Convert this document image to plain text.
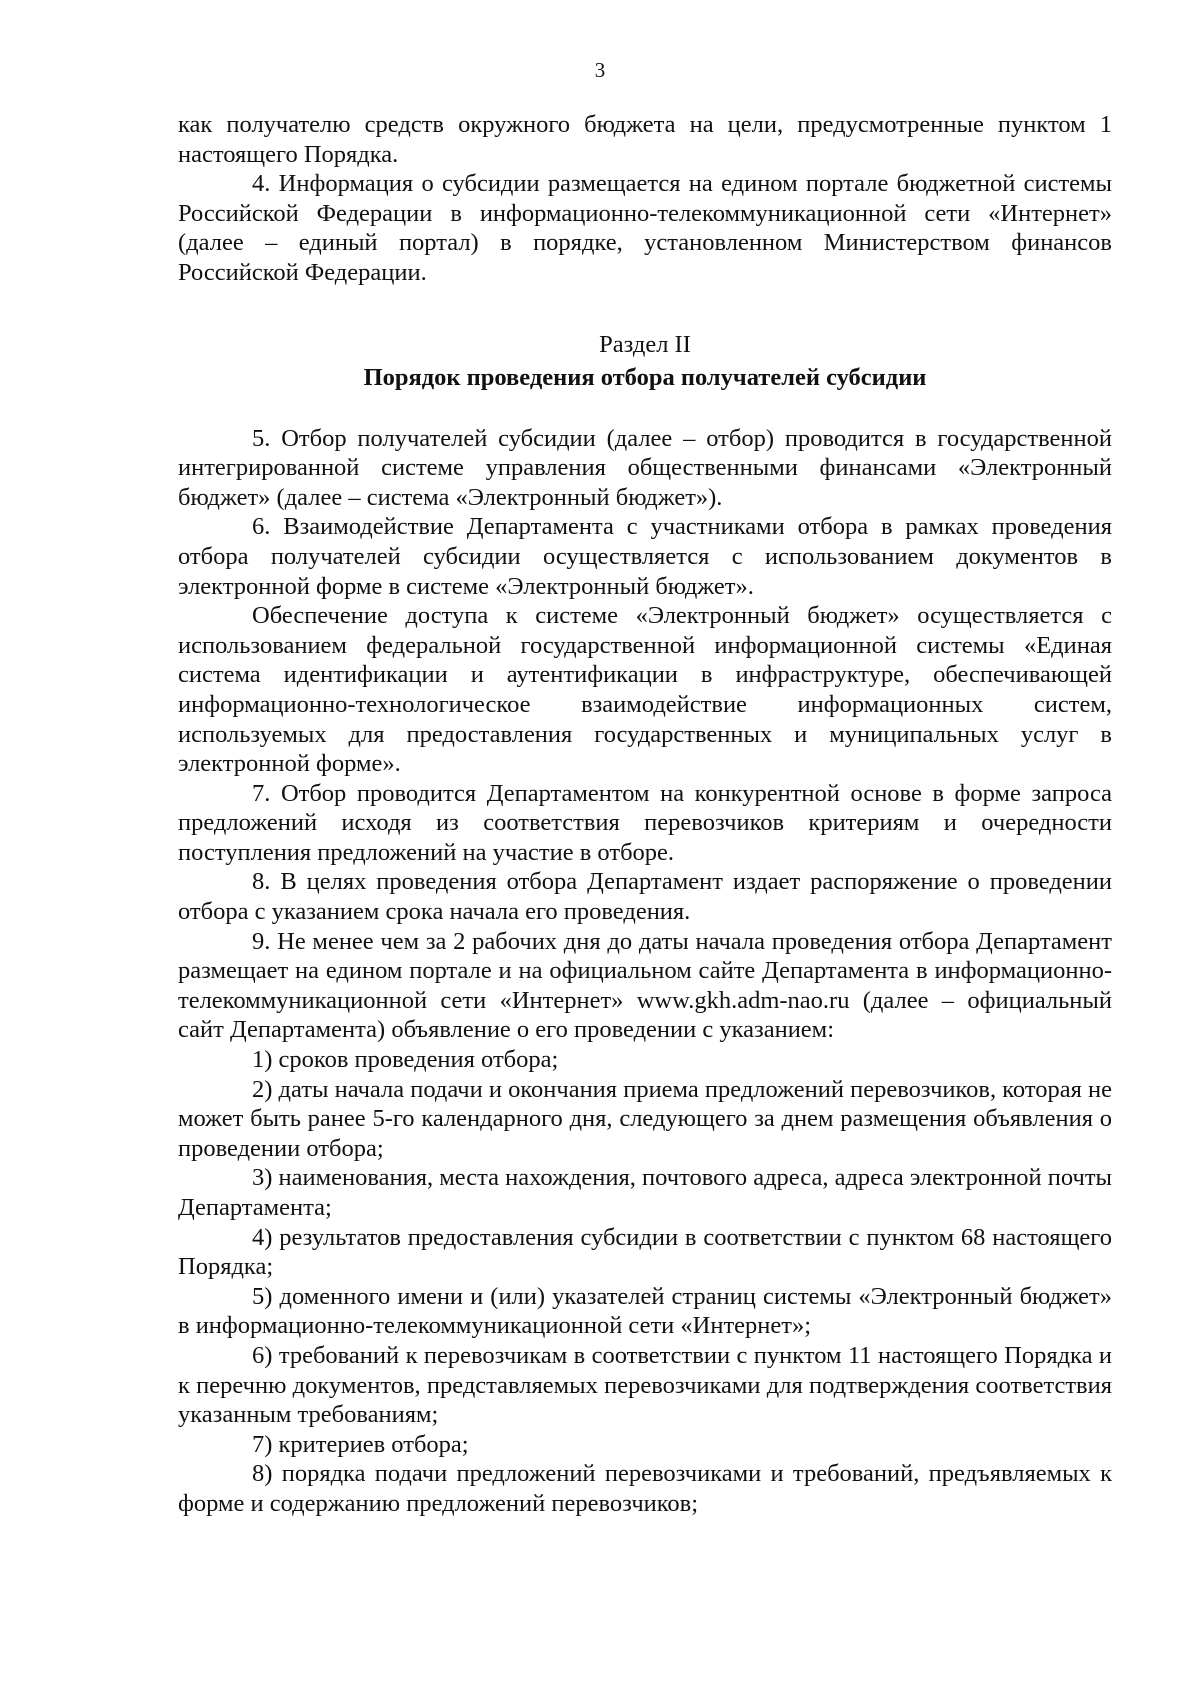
3

как получателю средств окружного бюджета на цели, предусмотренные пунктом 1 настоящего Порядка.

4. Информация о субсидии размещается на едином портале бюджетной системы Российской Федерации в информационно-телекоммуникационной сети «Интернет» (далее – единый портал) в порядке, установленном Министерством финансов Российской Федерации.

Раздел II
Порядок проведения отбора получателей субсидии

5. Отбор получателей субсидии (далее – отбор) проводится в государственной интегрированной системе управления общественными финансами «Электронный бюджет» (далее – система «Электронный бюджет»).

6. Взаимодействие Департамента с участниками отбора в рамках проведения отбора получателей субсидии осуществляется с использованием документов в электронной форме в системе «Электронный бюджет».

Обеспечение доступа к системе «Электронный бюджет» осуществляется с использованием федеральной государственной информационной системы «Единая система идентификации и аутентификации в инфраструктуре, обеспечивающей информационно-технологическое взаимодействие информационных систем, используемых для предоставления государственных и муниципальных услуг в электронной форме».

7. Отбор проводится Департаментом на конкурентной основе в форме запроса предложений исходя из соответствия перевозчиков критериям и очередности поступления предложений на участие в отборе.

8. В целях проведения отбора Департамент издает распоряжение о проведении отбора с указанием срока начала его проведения.

9. Не менее чем за 2 рабочих дня до даты начала проведения отбора Департамент размещает на едином портале и на официальном сайте Департамента в информационно-телекоммуникационной сети «Интернет» www.gkh.adm-nao.ru (далее – официальный сайт Департамента) объявление о его проведении с указанием:

1) сроков проведения отбора;

2) даты начала подачи и окончания приема предложений перевозчиков, которая не может быть ранее 5-го календарного дня, следующего за днем размещения объявления о проведении отбора;

3) наименования, места нахождения, почтового адреса, адреса электронной почты Департамента;

4) результатов предоставления субсидии в соответствии с пунктом 68 настоящего Порядка;

5) доменного имени и (или) указателей страниц системы «Электронный бюджет» в информационно-телекоммуникационной сети «Интернет»;

6) требований к перевозчикам в соответствии с пунктом 11 настоящего Порядка и к перечню документов, представляемых перевозчиками для подтверждения соответствия указанным требованиям;

7) критериев отбора;

8) порядка подачи предложений перевозчиками и требований, предъявляемых к форме и содержанию предложений перевозчиков;
